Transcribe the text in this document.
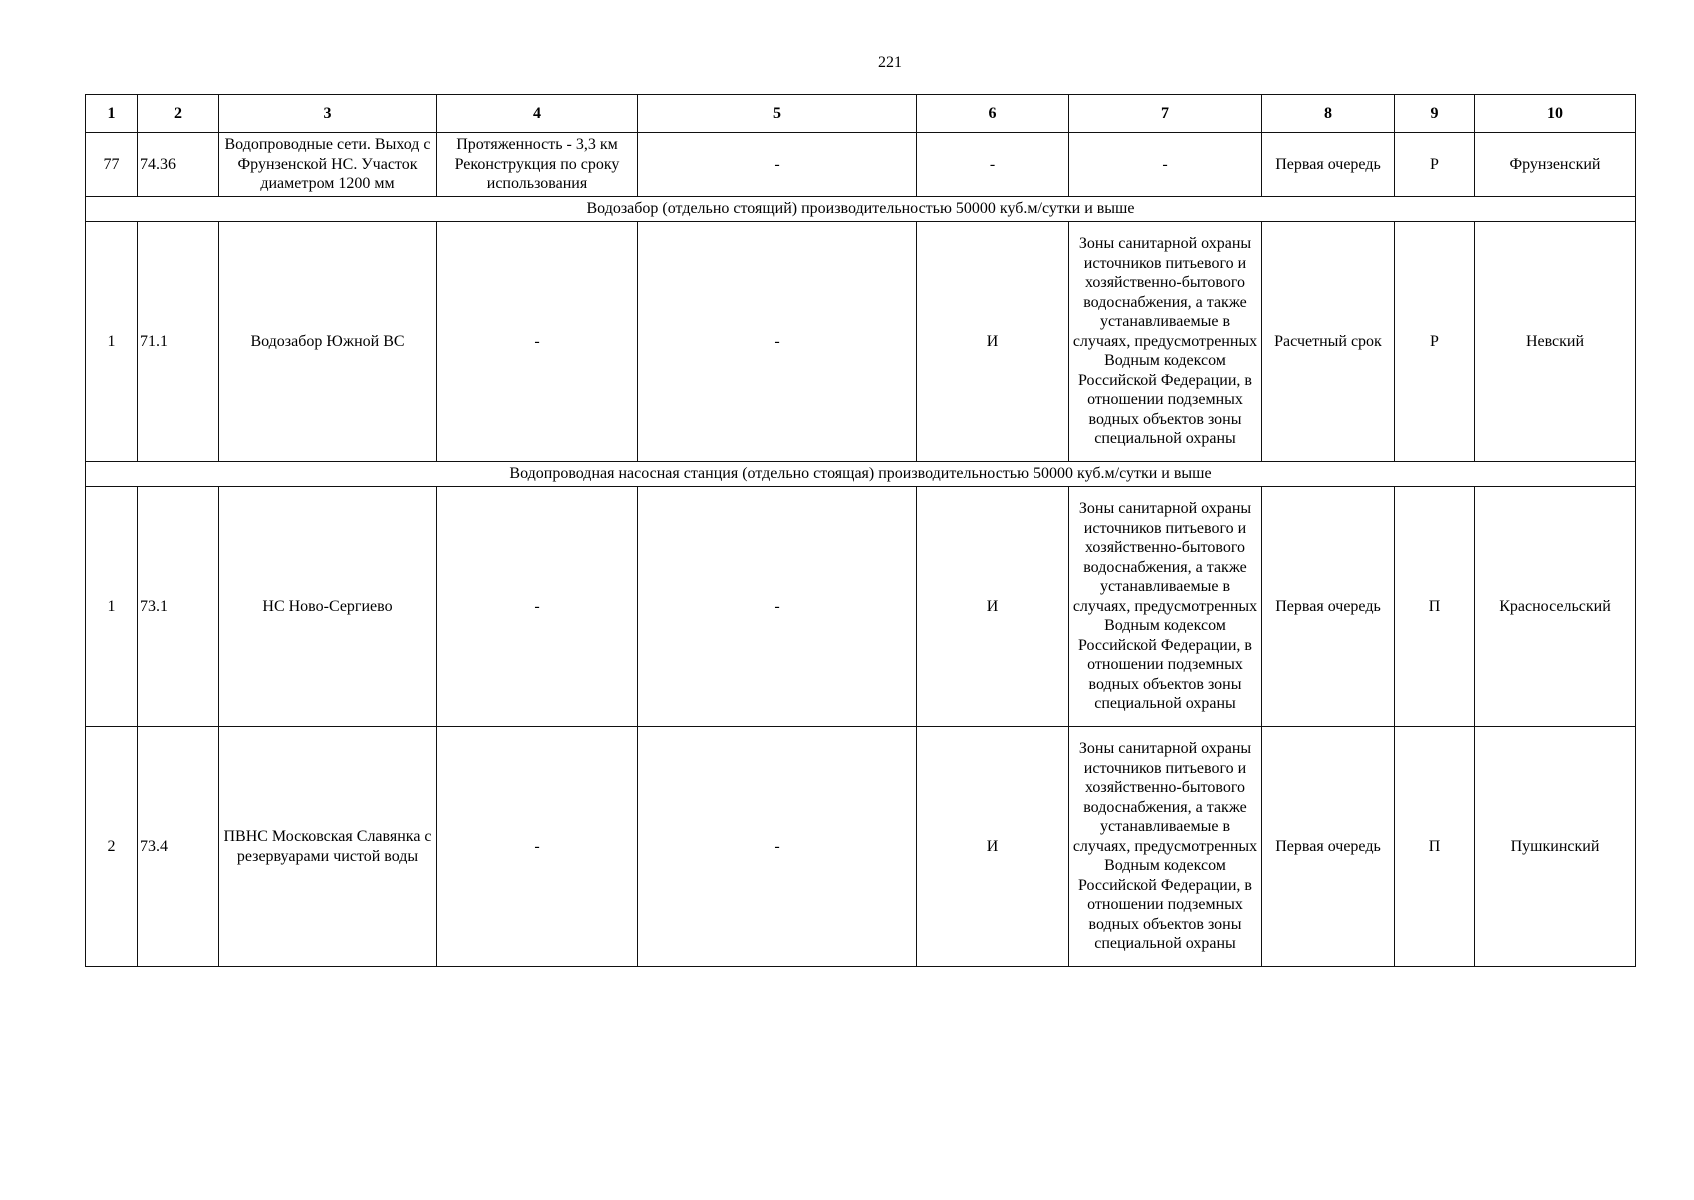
221
1	2	3	4	5	6	7	8	9	10
77	74.36	Водопроводные сети. Выход с Фрунзенской НС. Участок диаметром 1200 мм	Протяженность - 3,3 км Реконструкция по сроку использования	-	-	-	Первая очередь	Р	Фрунзенский
Водозабор (отдельно стоящий) производительностью 50000 куб.м/сутки и выше									
1	71.1	Водозабор Южной ВС	-	-	И	Зоны санитарной охраны источников питьевого и хозяйственно-бытового водоснабжения, а также устанавливаемые в случаях, предусмотренных Водным кодексом Российской Федерации, в отношении подземных водных объектов зоны специальной охраны	Расчетный срок	Р	Невский
Водопроводная насосная станция (отдельно стоящая) производительностью 50000 куб.м/сутки и выше									
1	73.1	НС Ново-Сергиево	-	-	И	Зоны санитарной охраны источников питьевого и хозяйственно-бытового водоснабжения, а также устанавливаемые в случаях, предусмотренных Водным кодексом Российской Федерации, в отношении подземных водных объектов зоны специальной охраны	Первая очередь	П	Красносельский
2	73.4	ПВНС Московская Славянка с резервуарами чистой воды	-	-	И	Зоны санитарной охраны источников питьевого и хозяйственно-бытового водоснабжения, а также устанавливаемые в случаях, предусмотренных Водным кодексом Российской Федерации, в отношении подземных водных объектов зоны специальной охраны	Первая очередь	П	Пушкинский
